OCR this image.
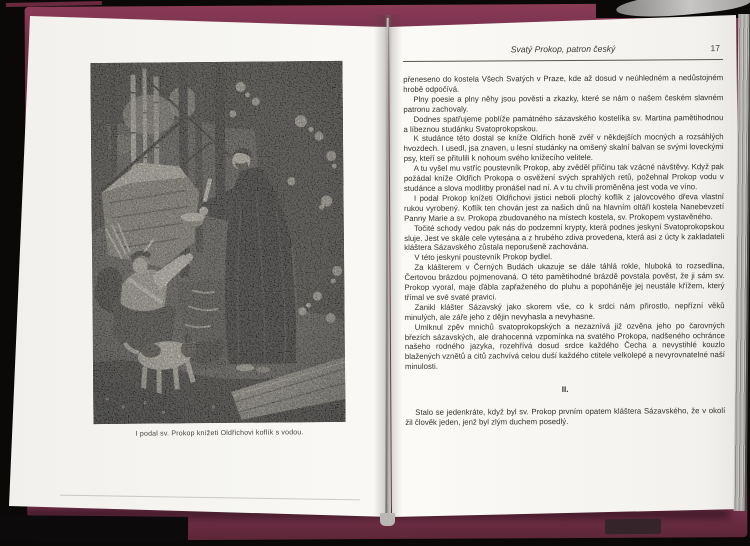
I podal sv. Prokop knížeti Oldřichovi koflík s vodou.
Svatý Prokop, patron český	17

přeneseno do kostela Všech Svatých v Praze, kde až dosud v neúhledném a nedůstojném hrobě odpočívá.

Plny poesie a plny něhy jsou pověsti a zkazky, které se nám o našem českém slavném patronu zachovaly.

Dodnes spatřujeme poblíže památného sázavského kostelíka sv. Martina pamětihodnou a líbeznou studánku Svatoprokopskou.

K studánce této dostal se kníže Oldřich honě zvěř v někdejších mocných a rozsáhlých hvozdech. I usedl, jsa znaven, u lesní studánky na omšený skalní balvan se svými loveckými psy, kteří se přitulili k nohoum svého knížecího velitele.

A tu vyšel mu vstříc poustevník Prokop, aby zvěděl příčinu tak vzácné návštěvy. Když pak požádal kníže Oldřich Prokopa o osvěžení svých sprahlých retů, požehnal Prokop vodu v studánce a slova modlitby pronášel nad ní. A v tu chvíli proměněna jest voda ve víno.

I podal Prokop knížeti Oldřichovi jistici neboli plochý koflík z jalovcového dřeva vlastní rukou vyrobený. Koflík ten chován jest za našich dnů na hlavním oltáři kostela Nanebevzetí Panny Marie a sv. Prokopa zbudovaného na místech kostela, sv. Prokopem vystavěného.

Točité schody vedou pak nás do podzemní krypty, která podnes jeskyní Svatoprokopskou sluje. Jest ve skále cele vytesána a z hrubého zdiva provedena, která asi z úcty k zakladateli kláštera Sázavského zůstala neporušeně zachována.

V této jeskyni poustevník Prokop bydlel.

Za klášterem v Černých Budách ukazuje se dále táhlá rokle, hluboká to rozsedlina, Čertovou brázdou pojmenovaná. O této pamětihodné brázdě povstala pověst, že ji sám sv. Prokop vyoral, maje ďábla zapřaženého do pluhu a popoháněje jej neustále křížem, který třímal ve své svaté pravici.

Zanikl klášter Sázavský jako skorem vše, co k srdci nám přirostlo, nepřízní věků minulých, ale záře jeho z dějin nevyhasla a nevyhasne.

Umlknul zpěv mnichů svatoprokopských a nezaznívá již ozvěna jeho po čarovných březích sázavských, ale drahocenná vzpomínka na svatého Prokopa, nadšeného ochránce našeho rodného jazyka, rozehřívá dosud srdce každého Čecha a nevystihlé kouzlo blažených vznětů a citů zachvívá celou duší každého ctitele velkolepé a nevyrovnatelné naší minulosti.

II.

Stalo se jedenkráte, když byl sv. Prokop prvním opatem kláštera Sázavského, že v okolí žil člověk jeden, jenž byl zlým duchem posedlý.
